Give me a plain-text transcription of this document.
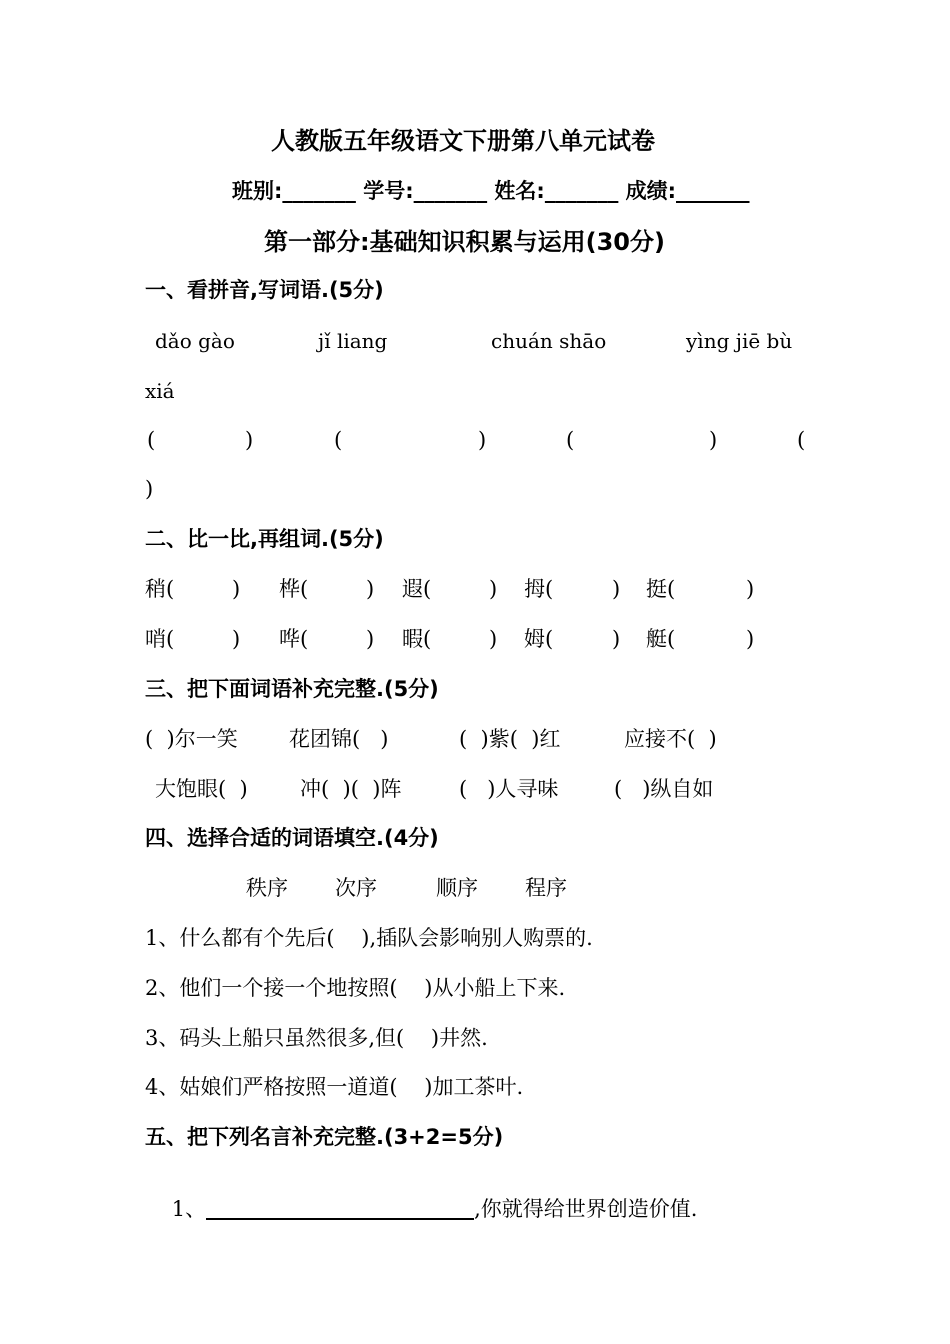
人教版五年级语文下册第八单元试卷
班别:_______ 学号:_______ 姓名:_______ 成绩:_______
第一部分:基础知识积累与运用(30分)
一、看拼音,写词语.(5分)
dǎo gào	jǐ liang	chuán shāo	yìng jiē bù
xiá
(	)	(	)	(	)	(
)
二、比一比,再组词.(5分)
稍(	) 桦(	) 遐(	) 拇(	) 挺(	)
哨(	) 哗(	) 暇(	) 姆(	) 艇(	)
三、把下面词语补充完整.(5分)
(  )尔一笑 花团锦(   )	(  )紫(  )红	应接不(  )
大饱眼(  ) 冲(  )(  )阵	(   )人寻味	(   )纵自如
四、选择合适的词语填空.(4分)
秩序 次序	顺序 程序
1、什么都有个先后(    ),插队会影响别人购票的.
2、他们一个接一个地按照(    )从小船上下来.
3、码头上船只虽然很多,但(    )井然.
4、姑娘们严格按照一道道(    )加工茶叶.
五、把下列名言补充完整.(3+2=5分)

1、	,你就得给世界创造价值.
